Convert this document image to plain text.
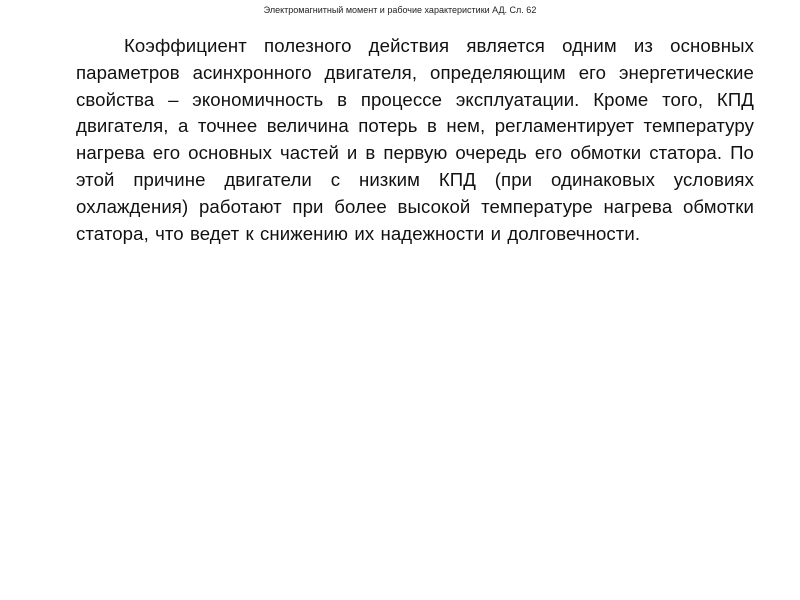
Электромагнитный момент и рабочие характеристики АД. Сл. 62

Коэффициент полезного действия является одним из основных параметров асинхронного двигателя, определяющим его энергетические свойства – экономичность в процессе эксплуатации. Кроме того, КПД двигателя, а точнее величина потерь в нем, регламентирует температуру нагрева его основных частей и в первую очередь его обмотки статора. По этой причине двигатели с низким КПД (при одинаковых условиях охлаждения) работают при более высокой температуре нагрева обмотки статора, что ведет к снижению их надежности и долговечности.
